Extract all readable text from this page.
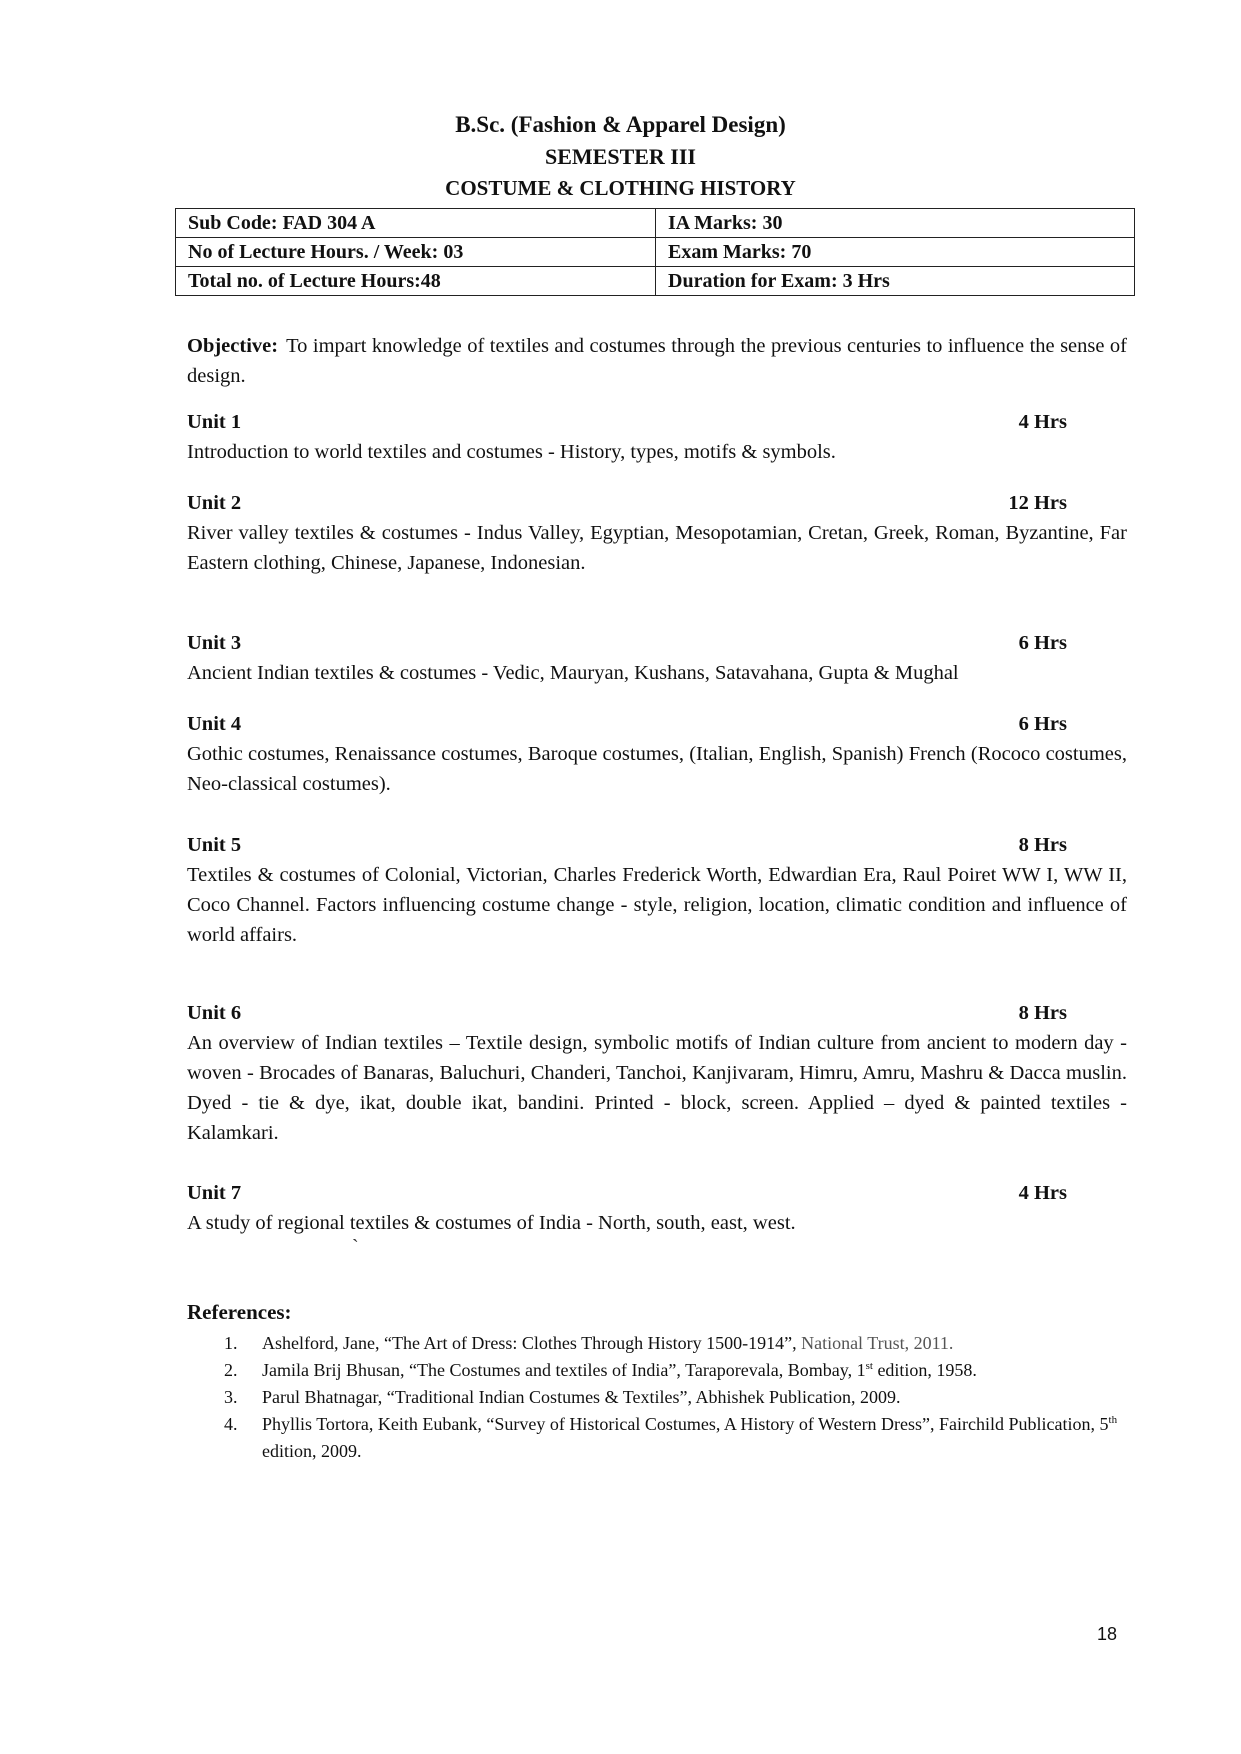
B.Sc. (Fashion & Apparel Design)
SEMESTER III
COSTUME & CLOTHING HISTORY
Sub Code: FAD 304 A	IA Marks: 30
No of Lecture Hours. / Week: 03	Exam Marks: 70
Total no. of Lecture Hours:48	Duration for Exam: 3 Hrs
Objective: To impart knowledge of textiles and costumes through the previous centuries to influence the sense of design.
Unit 1	4 Hrs
Introduction to world textiles and costumes - History, types, motifs & symbols.
Unit 2	12 Hrs
River valley textiles & costumes - Indus Valley, Egyptian, Mesopotamian, Cretan, Greek, Roman, Byzantine, Far Eastern clothing, Chinese, Japanese, Indonesian.
Unit 3	6 Hrs
Ancient Indian textiles & costumes - Vedic, Mauryan, Kushans, Satavahana, Gupta & Mughal
Unit 4	6 Hrs
Gothic costumes, Renaissance costumes, Baroque costumes, (Italian, English, Spanish) French (Rococo costumes, Neo-classical costumes).
Unit 5	8 Hrs
Textiles & costumes of Colonial, Victorian, Charles Frederick Worth, Edwardian Era, Raul Poiret WW I, WW II, Coco Channel. Factors influencing costume change - style, religion, location, climatic condition and influence of world affairs.
Unit 6	8 Hrs
An overview of Indian textiles – Textile design, symbolic motifs of Indian culture from ancient to modern day - woven - Brocades of Banaras, Baluchuri, Chanderi, Tanchoi, Kanjivaram, Himru, Amru, Mashru & Dacca muslin. Dyed - tie & dye, ikat, double ikat, bandini. Printed - block, screen. Applied – dyed & painted textiles - Kalamkari.
Unit 7	4 Hrs
A study of regional textiles & costumes of India - North, south, east, west.
`
References:
Ashelford, Jane, “The Art of Dress: Clothes Through History 1500-1914”, National Trust, 2011.
Jamila Brij Bhusan, “The Costumes and textiles of India”, Taraporevala, Bombay, 1st edition, 1958.
Parul Bhatnagar, “Traditional Indian Costumes & Textiles”, Abhishek Publication, 2009.
Phyllis Tortora, Keith Eubank, “Survey of Historical Costumes, A History of Western Dress”, Fairchild Publication, 5th edition, 2009.
18
